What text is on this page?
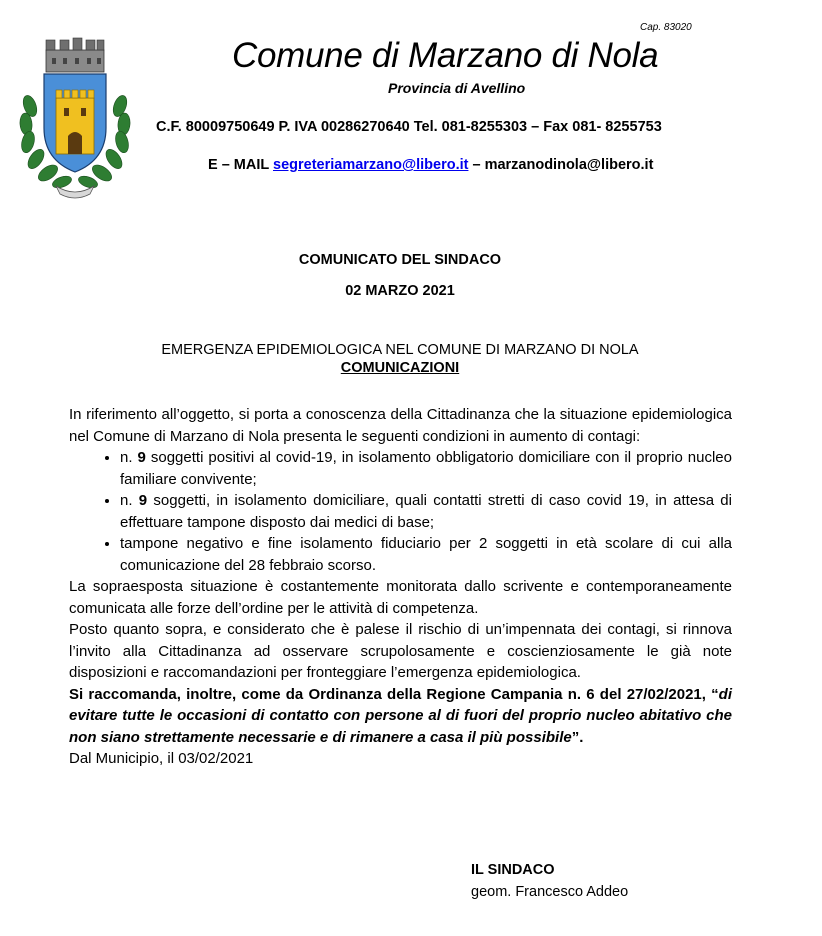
Cap. 83020
Comune di Marzano di Nola
Provincia di Avellino
C.F. 80009750649 P. IVA 00286270640 Tel. 081-8255303 – Fax 081- 8255753
E – MAIL segreteriamarzano@libero.it – marzanodinola@libero.it
COMUNICATO DEL SINDACO
02 MARZO 2021
EMERGENZA EPIDEMIOLOGICA NEL COMUNE DI MARZANO DI NOLA
COMUNICAZIONI

In riferimento all’oggetto, si porta a conoscenza della Cittadinanza che la situazione epidemiologica nel Comune di Marzano di Nola presenta le seguenti condizioni in aumento di contagi:

• n. 9 soggetti positivi al covid-19, in isolamento obbligatorio domiciliare con il proprio nucleo familiare convivente;
• n. 9 soggetti, in isolamento domiciliare, quali contatti stretti di caso covid 19, in attesa di effettuare tampone disposto dai medici di base;
• tampone negativo e fine isolamento fiduciario per 2 soggetti in età scolare di cui alla comunicazione del 28 febbraio scorso.

La sopraesposta situazione è costantemente monitorata dallo scrivente e contemporaneamente comunicata alle forze dell’ordine per le attività di competenza.

Posto quanto sopra, e considerato che è palese il rischio di un’impennata dei contagi, si rinnova l’invito alla Cittadinanza ad osservare scrupolosamente e coscienziosamente le già note disposizioni e raccomandazioni per fronteggiare l’emergenza epidemiologica.

Si raccomanda, inoltre, come da Ordinanza della Regione Campania n. 6 del 27/02/2021, “di evitare tutte le occasioni di contatto con persone al di fuori del proprio nucleo abitativo che non siano strettamente necessarie e di rimanere a casa il più possibile”.

Dal Municipio, il 03/02/2021

IL SINDACO
geom. Francesco Addeo
